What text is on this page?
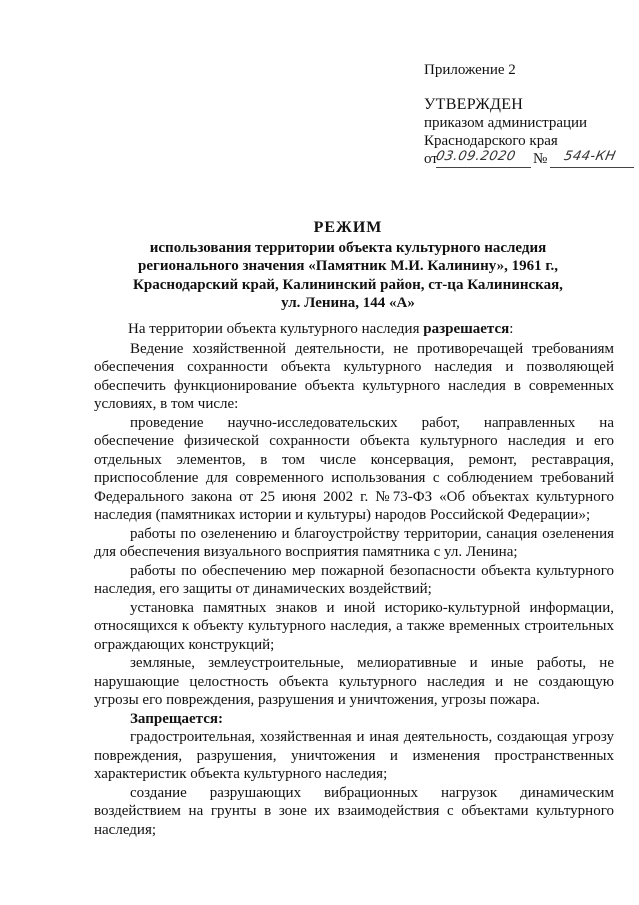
Приложение 2
УТВЕРЖДЕН
приказом администрации
Краснодарского края
от
03.09.2020 № 544-КН
РЕЖИМ
использования территории объекта культурного наследия
регионального значения «Памятник М.И. Калинину», 1961 г.,
Краснодарский край, Калининский район, ст-ца Калининская,
ул. Ленина, 144 «А»

На территории объекта культурного наследия разрешается:

Ведение хозяйственной деятельности, не противоречащей требованиям обеспечения сохранности объекта культурного наследия и позволяющей обеспечить функционирование объекта культурного наследия в современных условиях, в том числе:

проведение научно-исследовательских работ, направленных на обеспечение физической сохранности объекта культурного наследия и его отдельных элементов, в том числе консервация, ремонт, реставрация, приспособление для современного использования с соблюдением требований Федерального закона от 25 июня 2002 г. №73-ФЗ «Об объектах культурного наследия (памятниках истории и культуры) народов Российской Федерации»;

работы по озеленению и благоустройству территории, санация озеленения для обеспечения визуального восприятия памятника с ул. Ленина;

работы по обеспечению мер пожарной безопасности объекта культурного наследия, его защиты от динамических воздействий;

установка памятных знаков и иной историко-культурной информации, относящихся к объекту культурного наследия, а также временных строительных ограждающих конструкций;

земляные, землеустроительные, мелиоративные и иные работы, не нарушающие целостность объекта культурного наследия и не создающую угрозы его повреждения, разрушения и уничтожения, угрозы пожара.

Запрещается:

градостроительная, хозяйственная и иная деятельность, создающая угрозу повреждения, разрушения, уничтожения и изменения пространственных характеристик объекта культурного наследия;

создание разрушающих вибрационных нагрузок динамическим воздействием на грунты в зоне их взаимодействия с объектами культурного наследия;
